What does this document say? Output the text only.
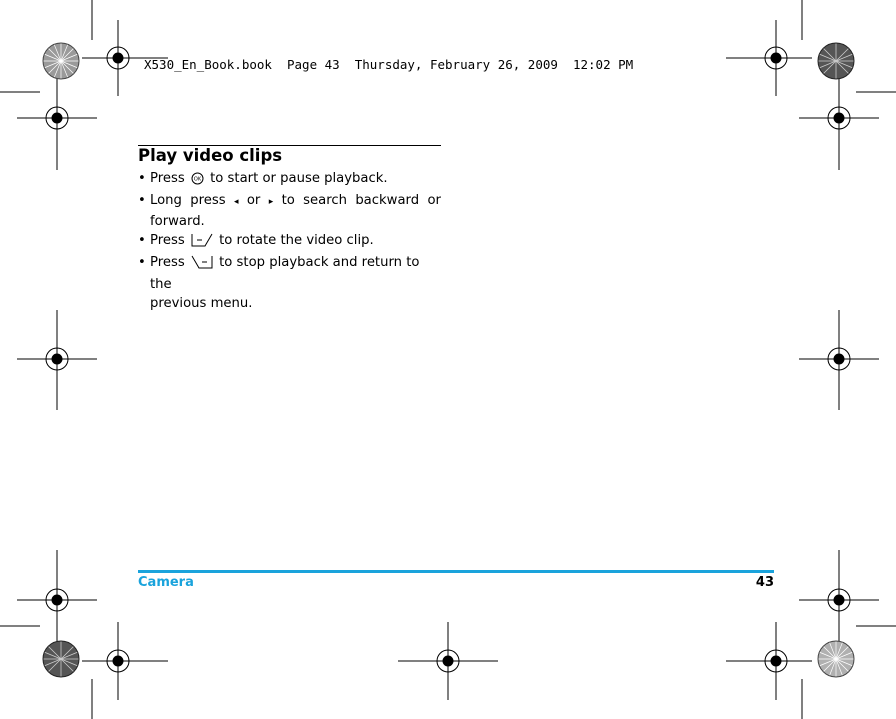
X530_En_Book.book  Page 43  Thursday, February 26, 2009  12:02 PM
Play video clips
• Press OK to start or pause playback.
• Long press ◂ or ▸ to search backward or
forward.
• Press	to rotate the video clip.
• Press	to stop playback and return to the
previous menu.
Camera	43
